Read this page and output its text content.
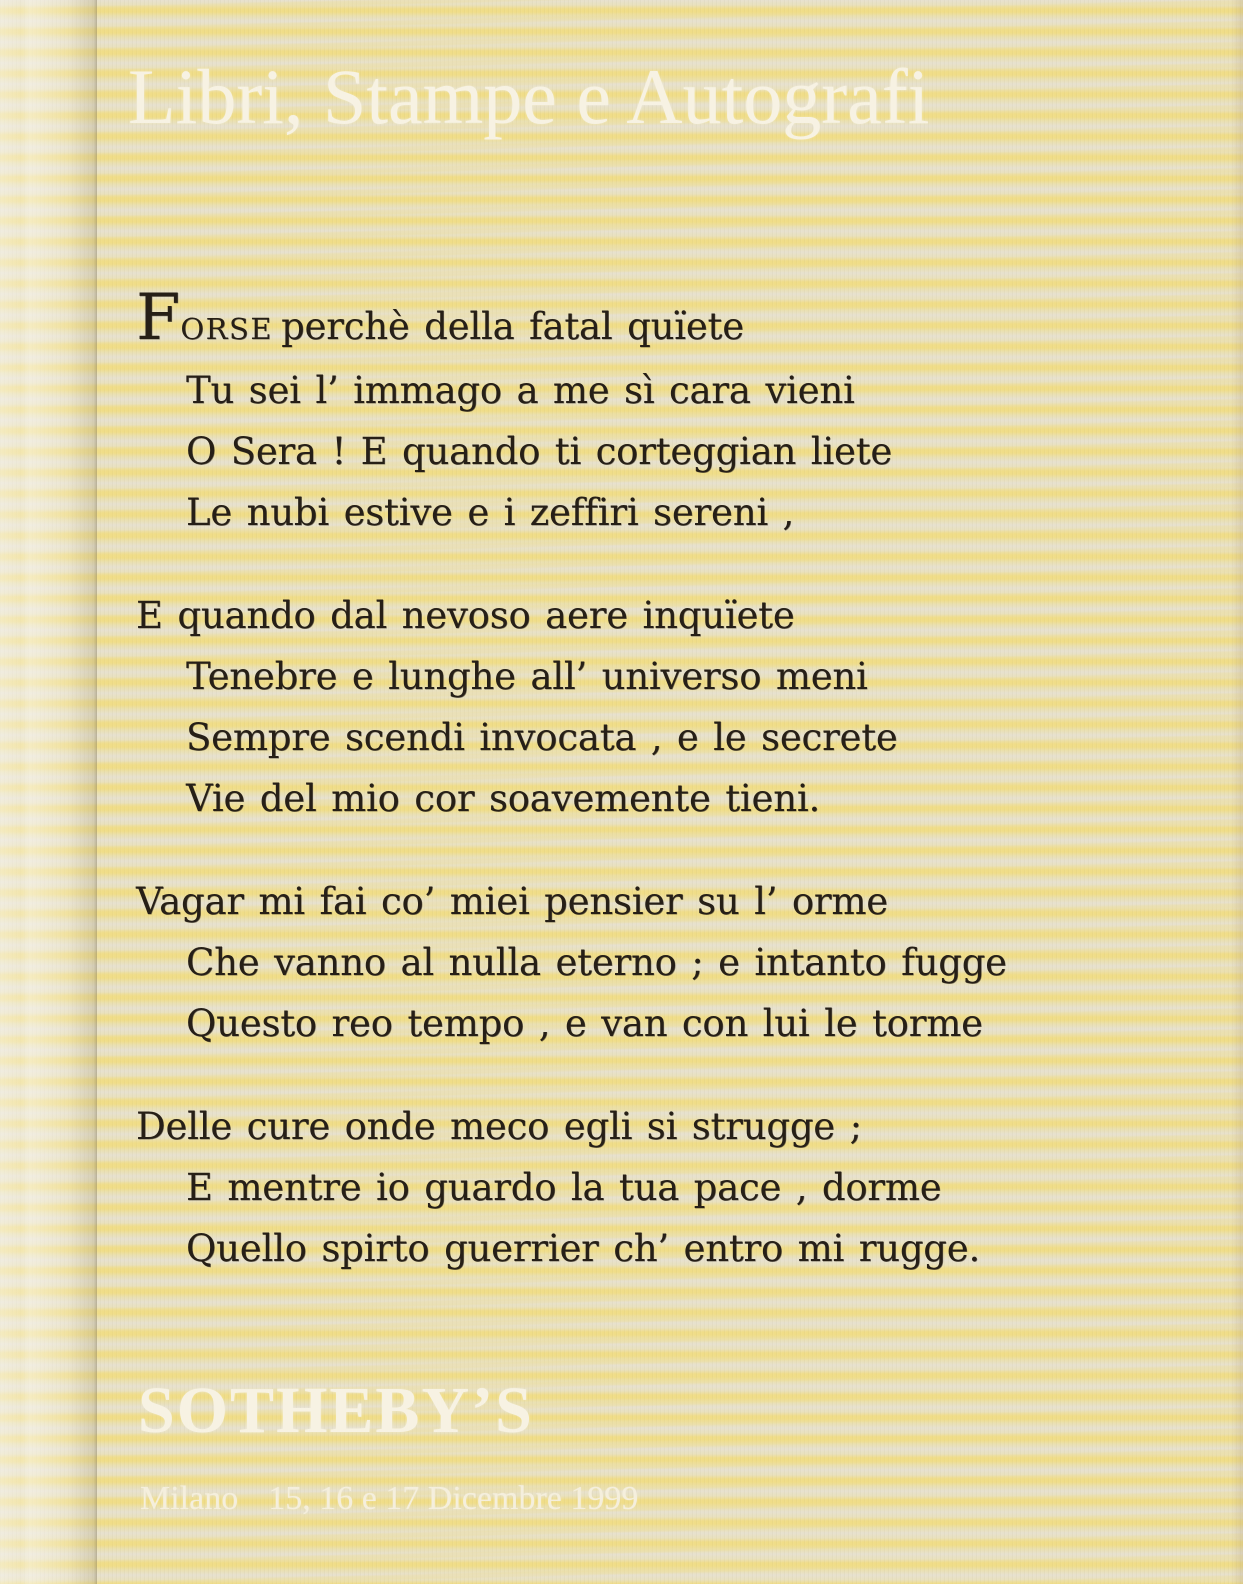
Libri, Stampe e Autografi
FORSE perchè della fatal quïete
Tu sei l’ immago a me sì cara vieni
O Sera ! E quando ti corteggian liete
Le nubi estive e i zeffiri sereni ,
E quando dal nevoso aere inquïete
Tenebre e lunghe all’ universo meni
Sempre scendi invocata , e le secrete
Vie del mio cor soavemente tieni.
Vagar mi fai co’ miei pensier su l’ orme
Che vanno al nulla eterno ; e intanto fugge
Questo reo tempo , e van con lui le torme
Delle cure onde meco egli si strugge ;
E mentre io guardo la tua pace , dorme
Quello spirto guerrier ch’ entro mi rugge.
SOTHEBY’S
Milano 15, 16 e 17 Dicembre 1999
